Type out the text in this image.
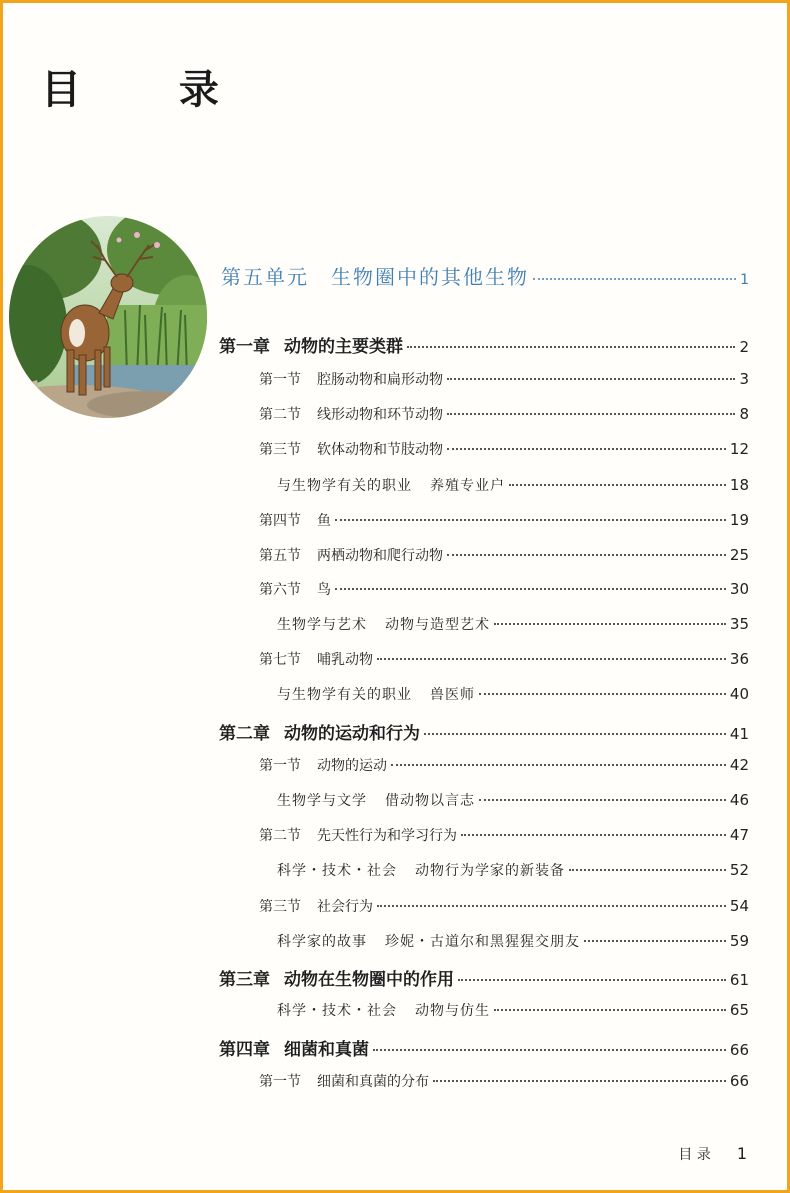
目 录
第五单元 生物圈中的其他生物	1
第一章 动物的主要类群	2
第一节 腔肠动物和扁形动物	3
第二节 线形动物和环节动物	8
第三节 软体动物和节肢动物	12
与生物学有关的职业 养殖专业户	18
第四节 鱼	19
第五节 两栖动物和爬行动物	25
第六节 鸟	30
生物学与艺术 动物与造型艺术	35
第七节 哺乳动物	36
与生物学有关的职业 兽医师	40
第二章 动物的运动和行为	41
第一节 动物的运动	42
生物学与文学 借动物以言志	46
第二节 先天性行为和学习行为	47
科学・技术・社会 动物行为学家的新装备	52
第三节 社会行为	54
科学家的故事 珍妮・古道尔和黑猩猩交朋友	59
第三章 动物在生物圈中的作用	61
科学・技术・社会 动物与仿生	65
第四章 细菌和真菌	66
第一节 细菌和真菌的分布	66
目 录 1
